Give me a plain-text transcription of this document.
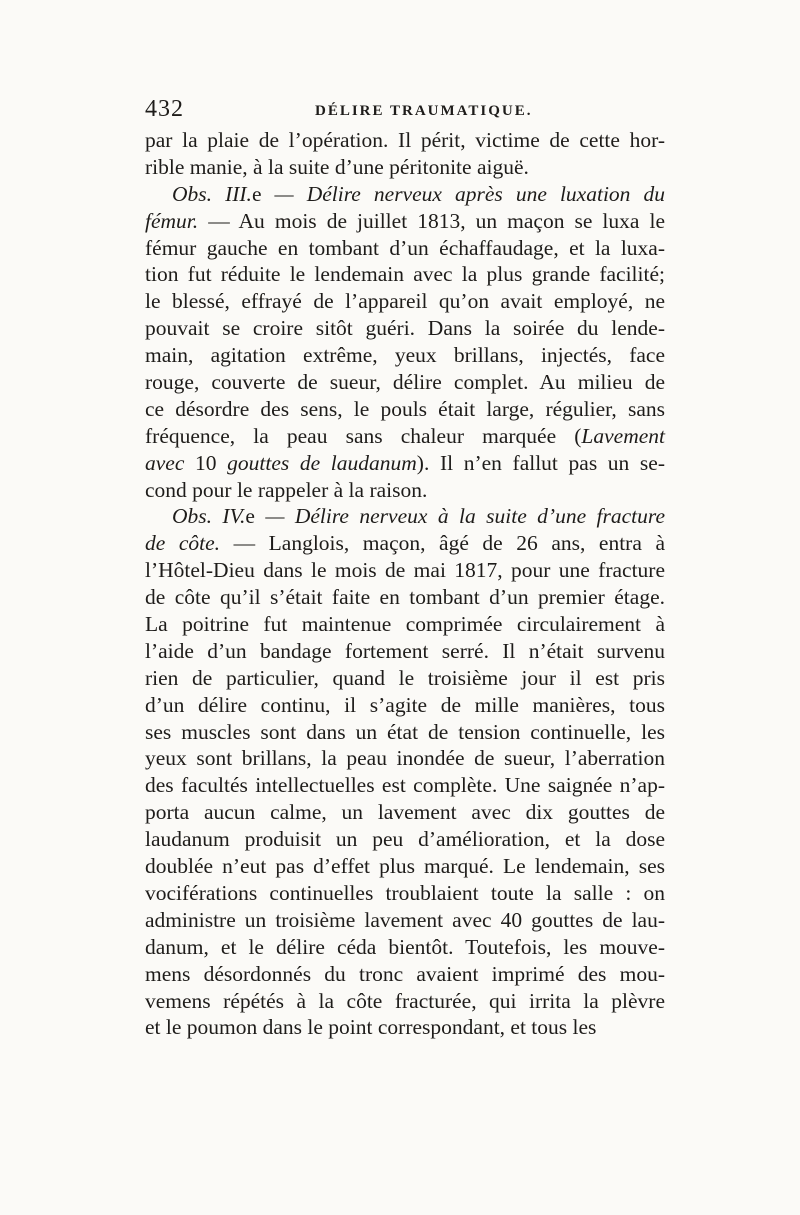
432	DÉLIRE TRAUMATIQUE.
par la plaie de l’opération. Il périt, victime de cette hor-
rible manie, à la suite d’une péritonite aiguë.
Obs. III.e — Délire nerveux après une luxation du
fémur. — Au mois de juillet 1813, un maçon se luxa le
fémur gauche en tombant d’un échaffaudage, et la luxa-
tion fut réduite le lendemain avec la plus grande facilité;
le blessé, effrayé de l’appareil qu’on avait employé, ne
pouvait se croire sitôt guéri. Dans la soirée du lende-
main, agitation extrême, yeux brillans, injectés, face
rouge, couverte de sueur, délire complet. Au milieu de
ce désordre des sens, le pouls était large, régulier, sans
fréquence, la peau sans chaleur marquée (Lavement
avec 10 gouttes de laudanum). Il n’en fallut pas un se-
cond pour le rappeler à la raison.
Obs. IV.e — Délire nerveux à la suite d’une fracture
de côte. — Langlois, maçon, âgé de 26 ans, entra à
l’Hôtel-Dieu dans le mois de mai 1817, pour une fracture
de côte qu’il s’était faite en tombant d’un premier étage.
La poitrine fut maintenue comprimée circulairement à
l’aide d’un bandage fortement serré. Il n’était survenu
rien de particulier, quand le troisième jour il est pris
d’un délire continu, il s’agite de mille manières, tous
ses muscles sont dans un état de tension continuelle, les
yeux sont brillans, la peau inondée de sueur, l’aberration
des facultés intellectuelles est complète. Une saignée n’ap-
porta aucun calme, un lavement avec dix gouttes de
laudanum produisit un peu d’amélioration, et la dose
doublée n’eut pas d’effet plus marqué. Le lendemain, ses
vociférations continuelles troublaient toute la salle : on
administre un troisième lavement avec 40 gouttes de lau-
danum, et le délire céda bientôt. Toutefois, les mouve-
mens désordonnés du tronc avaient imprimé des mou-
vemens répétés à la côte fracturée, qui irrita la plèvre
et le poumon dans le point correspondant, et tous les
